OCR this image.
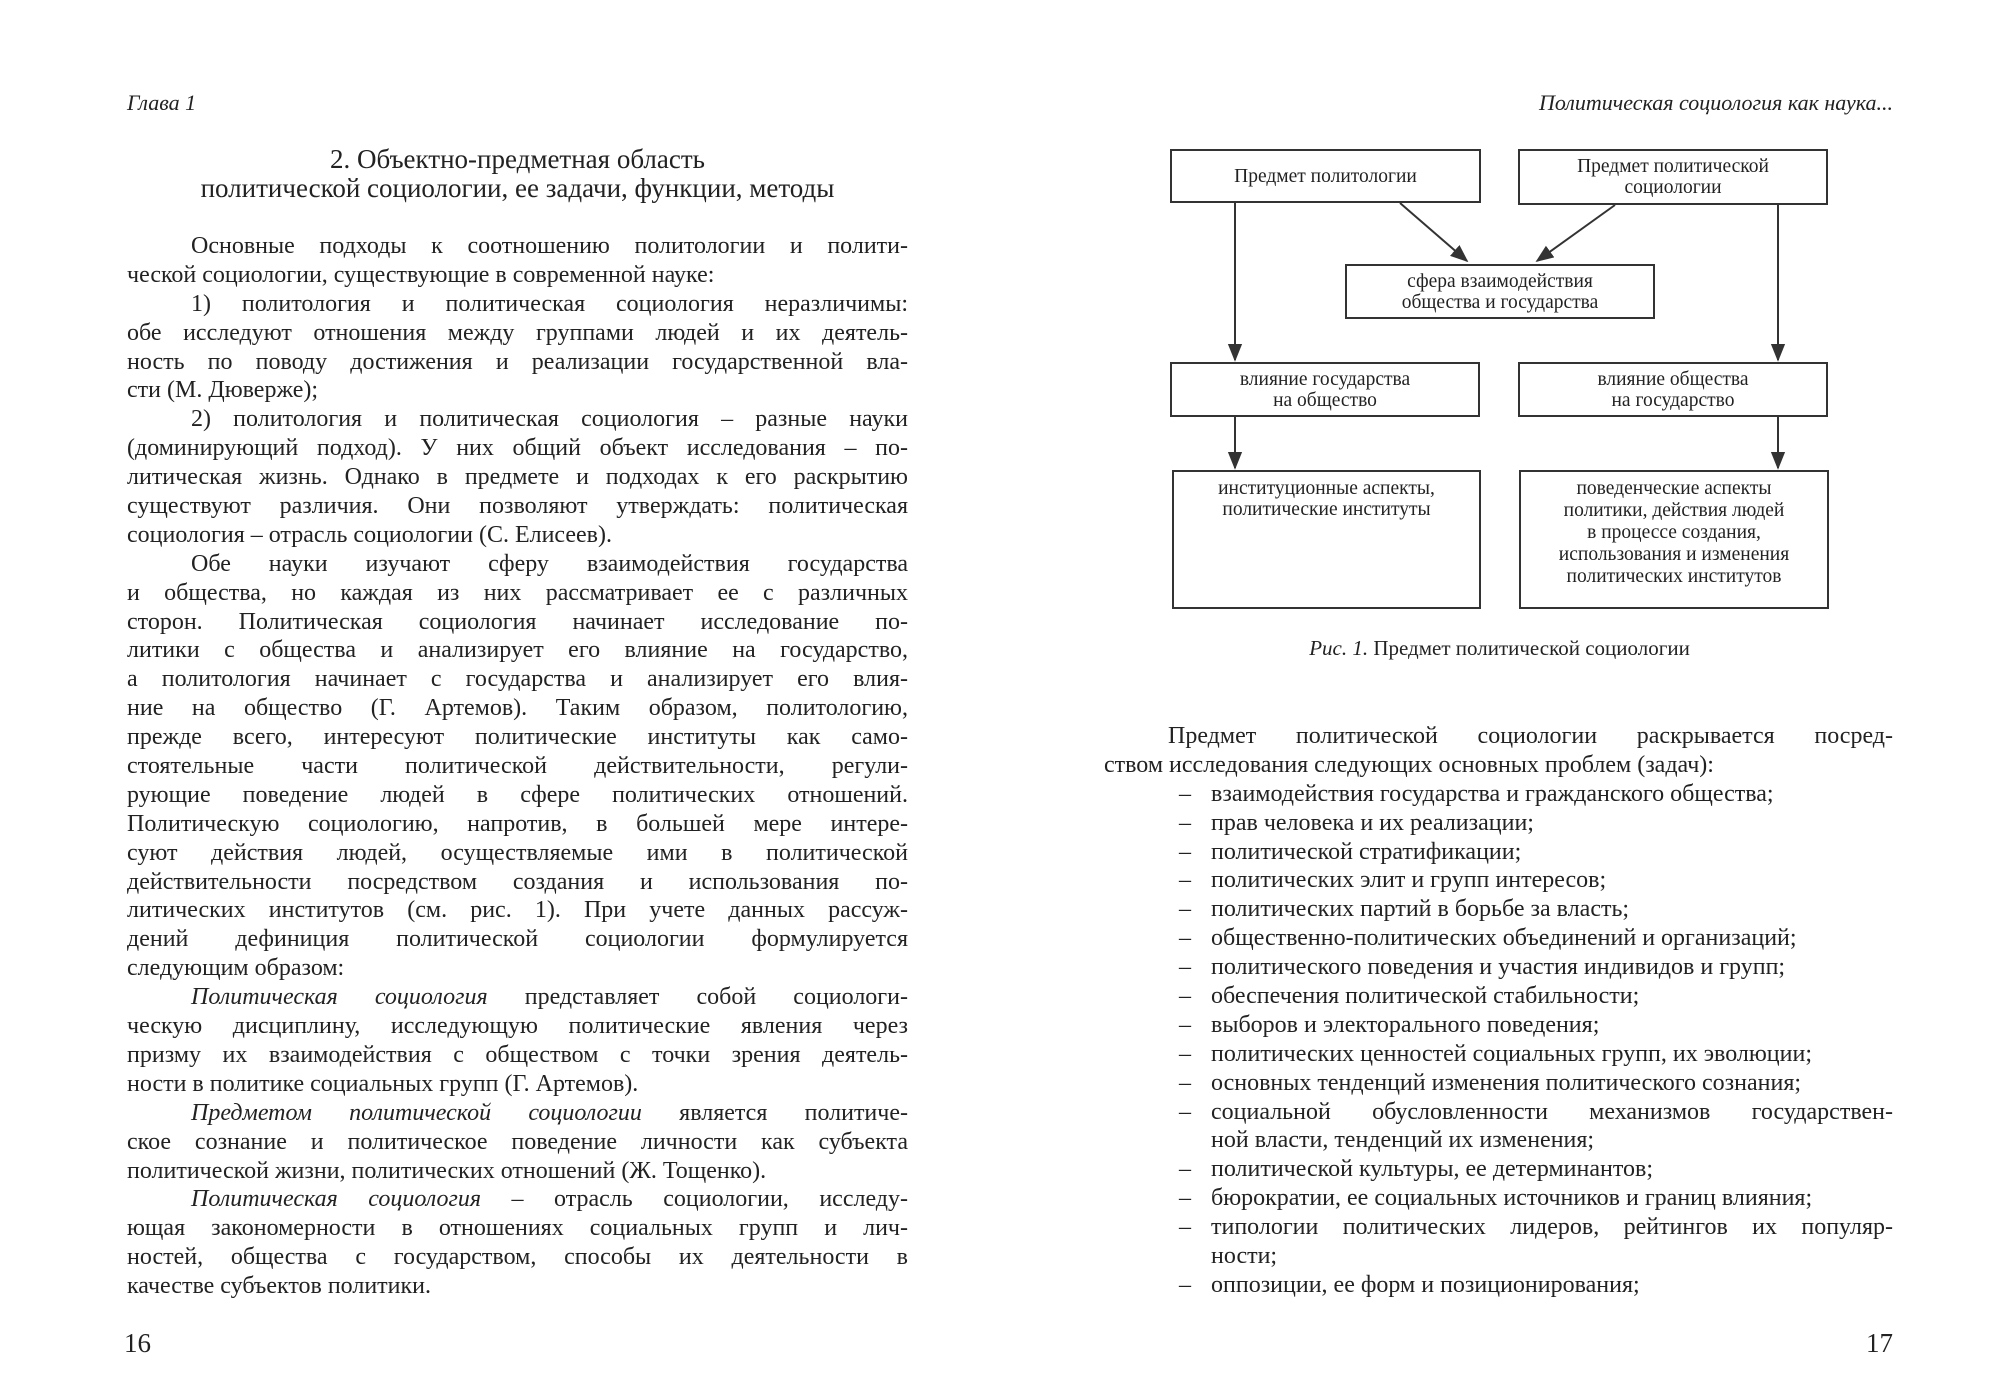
Глава 1
2. Объектно-предметная область
политической социологии, ее задачи, функции, методы
Основные подходы к соотношению политологии и полити-
ческой социологии, существующие в современной науке:
1) политология и политическая социология неразличимы:
обе исследуют отношения между группами людей и их деятель-
ность по поводу достижения и реализации государственной вла-
сти (М. Дюверже);
2) политология и политическая социология – разные науки
(доминирующий подход). У них общий объект исследования – по-
литическая жизнь. Однако в предмете и подходах к его раскрытию
существуют различия. Они позволяют утверждать: политическая
социология – отрасль социологии (С. Елисеев).
Обе науки изучают сферу взаимодействия государства
и общества, но каждая из них рассматривает ее с различных
сторон. Политическая социология начинает исследование по-
литики с общества и анализирует его влияние на государство,
а политология начинает с государства и анализирует его влия-
ние на общество (Г. Артемов). Таким образом, политологию,
прежде всего, интересуют политические институты как само-
стоятельные части политической действительности, регули-
рующие поведение людей в сфере политических отношений.
Политическую социологию, напротив, в большей мере интере-
суют действия людей, осуществляемые ими в политической
действительности посредством создания и использования по-
литических институтов (см. рис. 1). При учете данных рассуж-
дений дефиниция политической социологии формулируется
следующим образом:
Политическая социология представляет собой социологи-
ческую дисциплину, исследующую политические явления через
призму их взаимодействия с обществом с точки зрения деятель-
ности в политике социальных групп (Г. Артемов).
Предметом политической социологии является политиче-
ское сознание и политическое поведение личности как субъекта
политической жизни, политических отношений (Ж. Тощенко).
Политическая социология – отрасль социологии, исследу-
ющая закономерности в отношениях социальных групп и лич-
ностей, общества с государством, способы их деятельности в
качестве субъектов политики.
16
Политическая социология как наука...
Предмет политологии	Предмет политической
социологии
сфера взаимодействия
общества и государства
влияние государства
на общество
влияние общества
на государство
институционные аспекты,
политические институты
поведенческие аспекты
политики, действия людей
в процессе создания,
использования и изменения
политических институтов
Рис. 1. Предмет политической социологии
Предмет политической социологии раскрывается посред-
ством исследования следующих основных проблем (задач):
– взаимодействия государства и гражданского общества;
– прав человека и их реализации;
– политической стратификации;
– политических элит и групп интересов;
– политических партий в борьбе за власть;
– общественно-политических объединений и организаций;
– политического поведения и участия индивидов и групп;
– обеспечения политической стабильности;
– выборов и электорального поведения;
– политических ценностей социальных групп, их эволюции;
– основных тенденций изменения политического сознания;
– социальной обусловленности механизмов государствен-
ной власти, тенденций их изменения;
– политической культуры, ее детерминантов;
– бюрократии, ее социальных источников и границ влияния;
– типологии политических лидеров, рейтингов их популяр-
ности;
– оппозиции, ее форм и позиционирования;
17
